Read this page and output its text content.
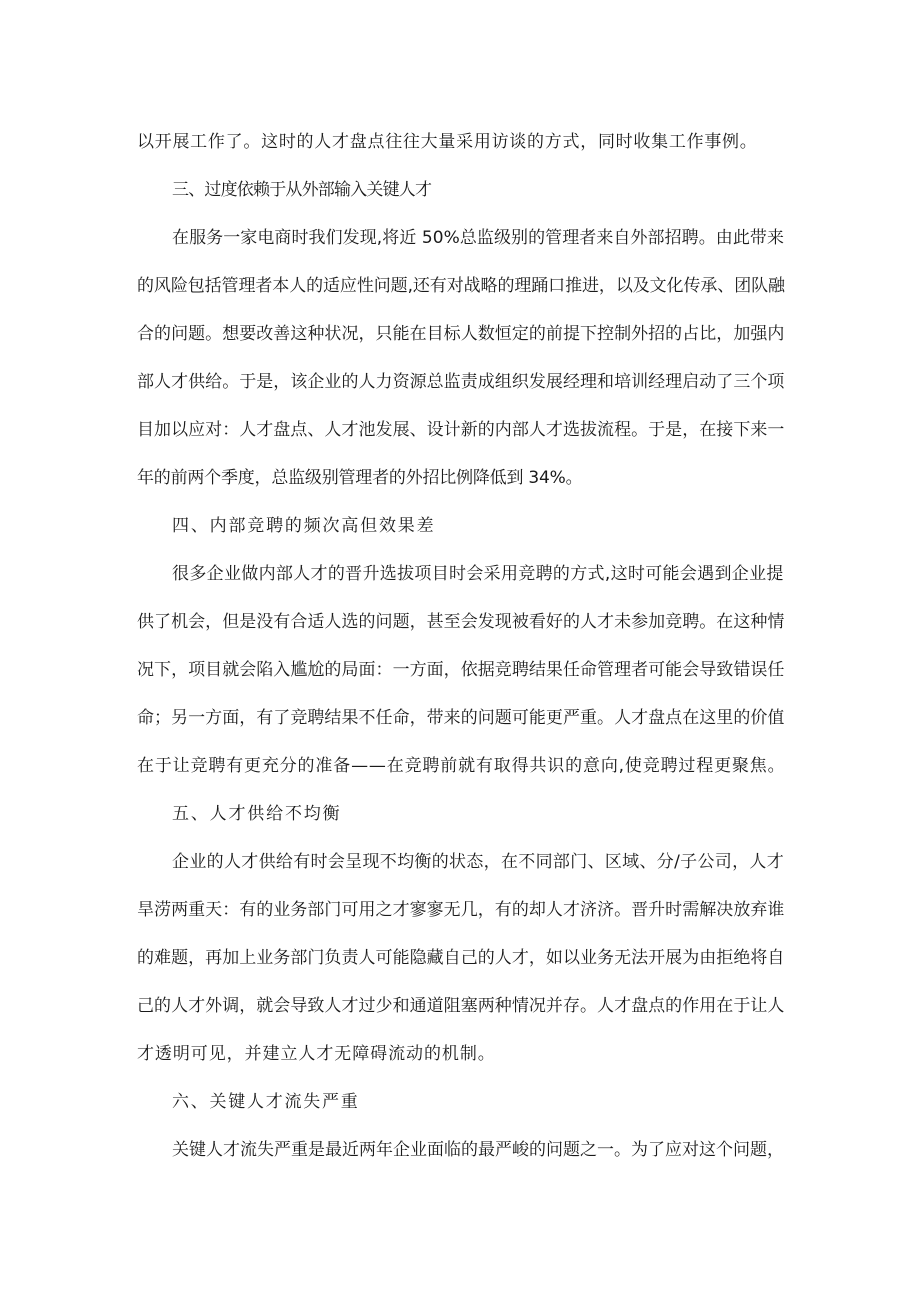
以开展工作了。这时的人才盘点往往大量采用访谈的方式，同时收集工作事例。
三、过度依赖于从外部输入关键人才
在服务一家电商时我们发现,将近 50%总监级别的管理者来自外部招聘。由此带来
的风险包括管理者本人的适应性问题,还有对战略的理踊口推进，以及文化传承、团队融
合的问题。想要改善这种状况，只能在目标人数恒定的前提下控制外招的占比，加强内
部人才供给。于是，该企业的人力资源总监责成组织发展经理和培训经理启动了三个项
目加以应对：人才盘点、人才池发展、设计新的内部人才选拔流程。于是，在接下来一
年的前两个季度，总监级别管理者的外招比例降低到 34%。
四、内部竞聘的频次高但效果差
很多企业做内部人才的晋升选拔项目时会采用竞聘的方式,这时可能会遇到企业提
供了机会，但是没有合适人选的问题，甚至会发现被看好的人才未参加竞聘。在这种情
况下，项目就会陷入尴尬的局面：一方面，依据竞聘结果任命管理者可能会导致错误任
命；另一方面，有了竞聘结果不任命，带来的问题可能更严重。人才盘点在这里的价值
在于让竞聘有更充分的准备——在竞聘前就有取得共识的意向,使竞聘过程更聚焦。
五、人才供给不均衡
企业的人才供给有时会呈现不均衡的状态，在不同部门、区域、分/子公司，人才
旱涝两重天：有的业务部门可用之才寥寥无几，有的却人才济济。晋升时需解决放弃谁
的难题，再加上业务部门负责人可能隐藏自己的人才，如以业务无法开展为由拒绝将自
己的人才外调，就会导致人才过少和通道阻塞两种情况并存。人才盘点的作用在于让人
才透明可见，并建立人才无障碍流动的机制。
六、关键人才流失严重
关键人才流失严重是最近两年企业面临的最严峻的问题之一。为了应对这个问题，
